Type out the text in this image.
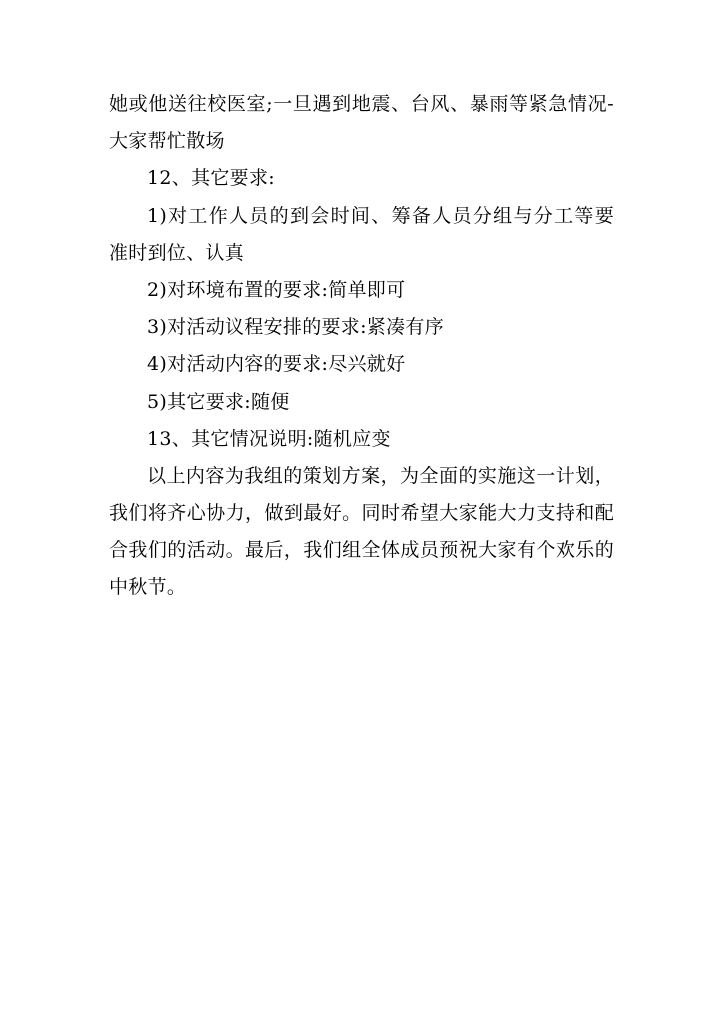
她或他送往校医室;一旦遇到地震、台风、暴雨等紧急情况-
大家帮忙散场
12、其它要求:
1)对工作人员的到会时间、筹备人员分组与分工等要
准时到位、认真
2)对环境布置的要求:简单即可
3)对活动议程安排的要求:紧凑有序
4)对活动内容的要求:尽兴就好
5)其它要求:随便
13、其它情况说明:随机应变
以上内容为我组的策划方案，为全面的实施这一计划，
我们将齐心协力，做到最好。同时希望大家能大力支持和配
合我们的活动。最后，我们组全体成员预祝大家有个欢乐的
中秋节。
